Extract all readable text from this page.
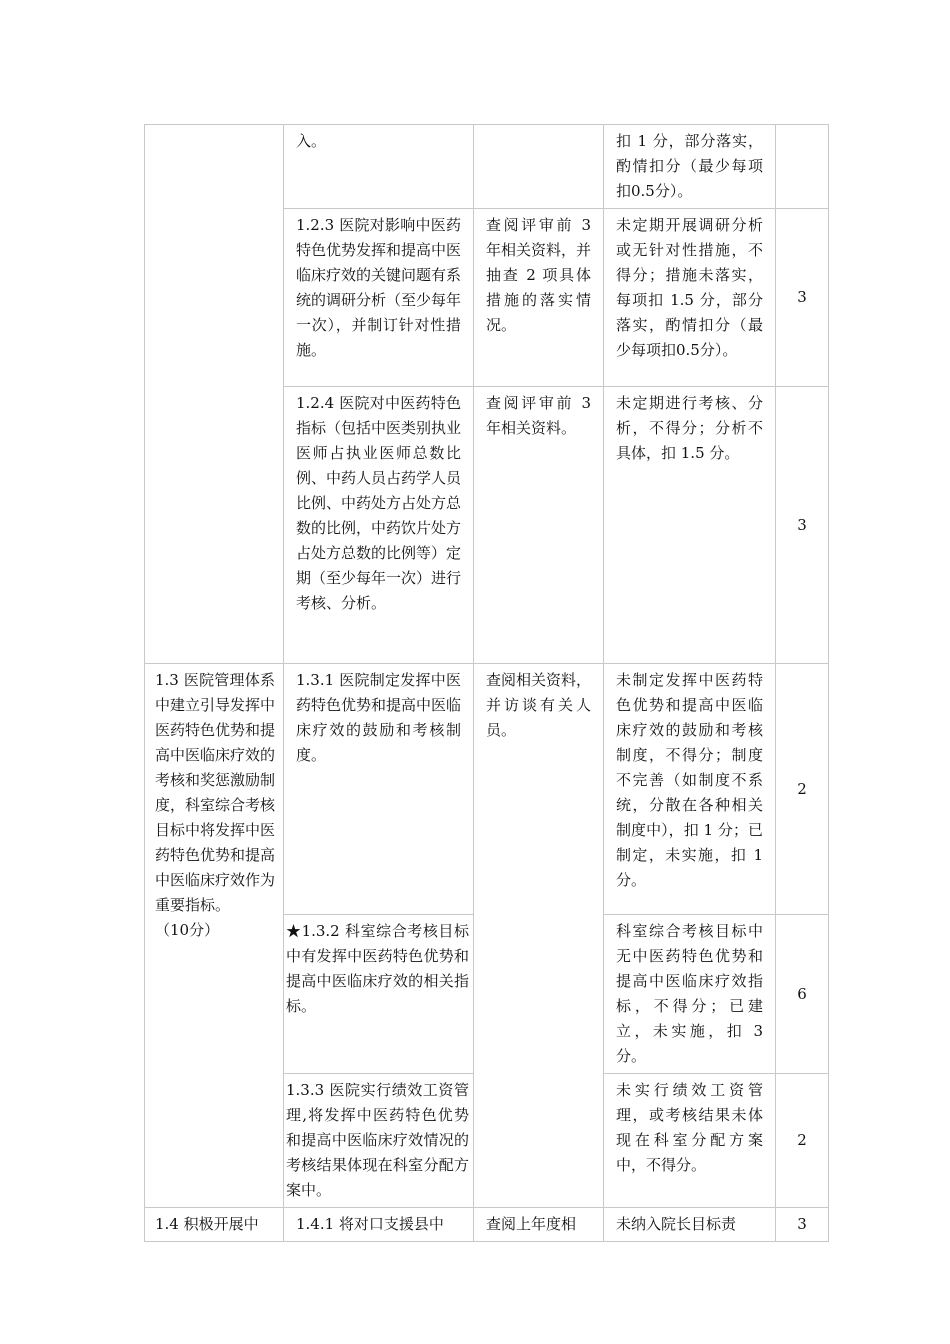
	入。		扣 1 分，部分落实，酌情扣分（最少每项扣0.5分）。	
	1.2.3 医院对影响中医药特色优势发挥和提高中医临床疗效的关键问题有系统的调研分析（至少每年一次），并制订针对性措施。	查阅评审前 3 年相关资料，并抽查 2 项具体措施的落实情况。	未定期开展调研分析或无针对性措施，不得分；措施未落实，每项扣 1.5 分，部分落实，酌情扣分（最少每项扣0.5分）。	3
	1.2.4 医院对中医药特色指标（包括中医类别执业医师占执业医师总数比例、中药人员占药学人员比例、中药处方占处方总数的比例，中药饮片处方占处方总数的比例等）定期（至少每年一次）进行考核、分析。	查阅评审前 3 年相关资料。	未定期进行考核、分析，不得分；分析不具体，扣 1.5 分。	3

1.3 医院管理体系中建立引导发挥中医药特色优势和提高中医临床疗效的考核和奖惩激励制度，科室综合考核目标中将发挥中医药特色优势和提高中医临床疗效作为重要指标。
（10分）	1.3.1 医院制定发挥中医药特色优势和提高中医临床疗效的鼓励和考核制度。	查阅相关资料，并访谈有关人员。	未制定发挥中医药特色优势和提高中医临床疗效的鼓励和考核制度，不得分；制度不完善（如制度不系统，分散在各种相关制度中），扣 1 分；已制定，未实施，扣 1 分。	2
	★1.3.2 科室综合考核目标中有发挥中医药特色优势和提高中医临床疗效的相关指标。		科室综合考核目标中无中医药特色优势和提高中医临床疗效指标，不得分；已建立，未实施，扣 3 分。	6
	1.3.3 医院实行绩效工资管理,将发挥中医药特色优势和提高中医临床疗效情况的考核结果体现在科室分配方案中。		未实行绩效工资管理，或考核结果未体现在科室分配方案中，不得分。	2
1.4 积极开展中	1.4.1 将对口支援县中	查阅上年度相	未纳入院长目标责	3
